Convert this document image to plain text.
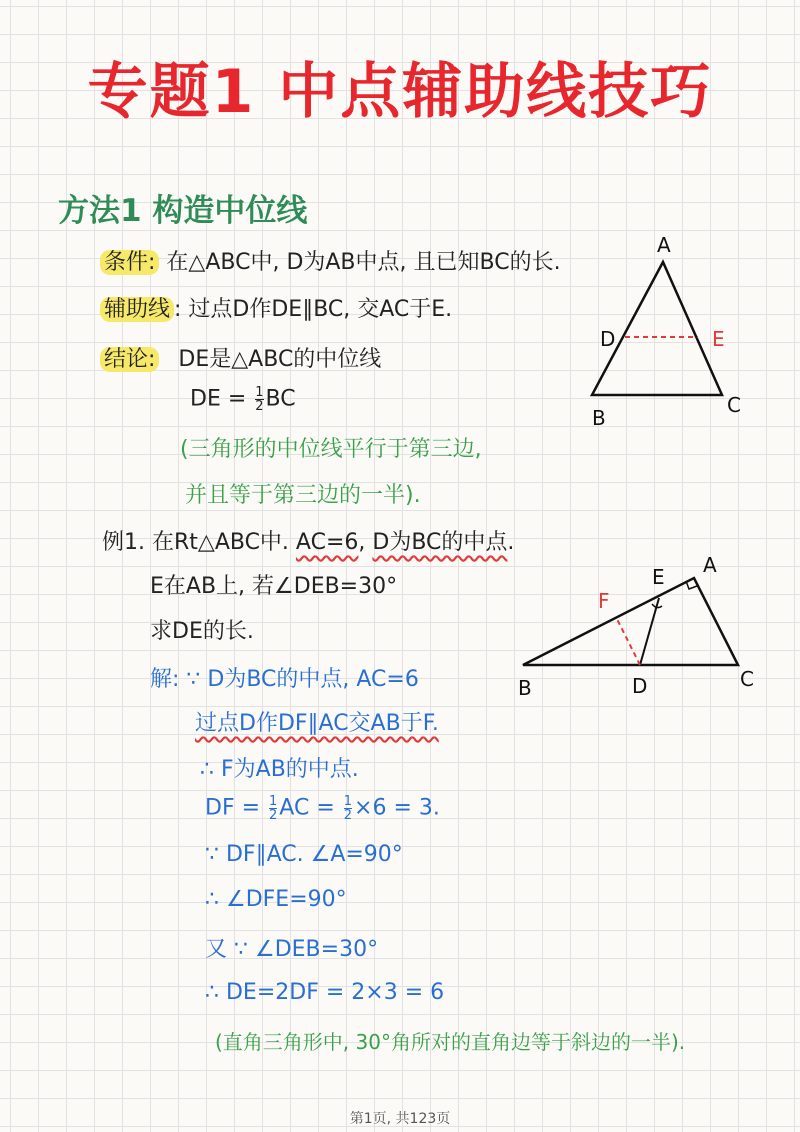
专题1 中点辅助线技巧
方法1 构造中位线
条件: 在△ABC中, D为AB中点, 且已知BC的长.
辅助线 : 过点D作DE∥BC, 交AC于E.
结论: DE是△ABC的中位线
DE = $\frac{1}{2}$ BC
(三角形的中位线平行于第三边,
并且等于第三边的一半).
例1. 在Rt△ABC中. AC=6, D为BC的中点.
E在AB上, 若∠DEB=30°
求DE的长.
解: ∵ D为BC的中点, AC=6
过点D作DF∥AC交AB于F.
∴ F为AB的中点.
DF = $\frac{1}{2}$ AC = $\frac{1}{2} \times 6 = 3$.
∵ DF∥AC. ∠A=90°
∴ ∠DFE=90°
又 ∵ ∠DEB=30°
∴ DE=2DF = 2×3 = 6
(直角三角形中, 30°角所对的直角边等于斜边的一半).
A
D	E
B
C
A
E
F
B	D	C
第1页, 共123页
